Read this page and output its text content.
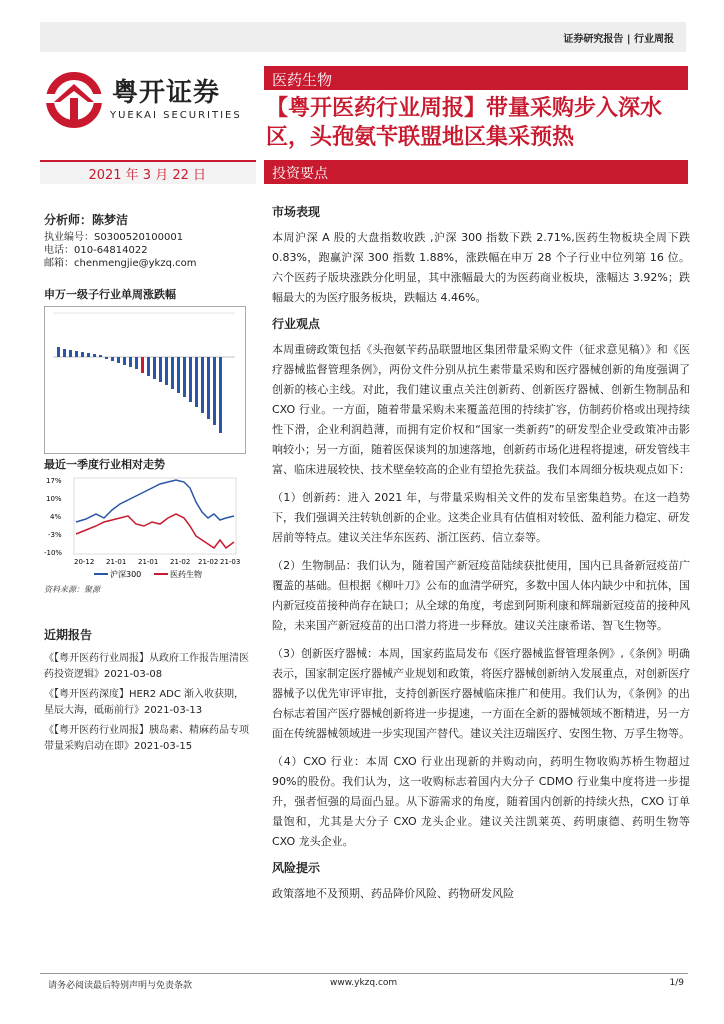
证券研究报告 | 行业周报
粤开证券
YUEKAI SECURITIES
医药生物
【粤开医药行业周报】带量采购步入深水区，头孢氨苄联盟地区集采预热
2021 年 3 月 22 日	投资要点
分析师：陈梦洁
执业编号：S0300520100001
电话：010-64814022
邮箱：chenmengjie@ykzq.com
申万一级子行业单周涨跌幅
最近一季度行业相对走势
17%
10%
4%
-3%
-10%
20-12 21-01 21-01 21-02 21-02 21-03
沪深300	医药生物
资料来源：聚源
近期报告
《【粤开医药行业周报】从政府工作报告厘清医药投资逻辑》2021-03-08
《【粤开医药深度】HER2 ADC 渐入收获期，星辰大海，砥砺前行》2021-03-13
《【粤开医药行业周报】胰岛素、精麻药品专项带量采购启动在即》2021-03-15
市场表现

本周沪深 A 股的大盘指数收跌 ,沪深 300 指数下跌 2.71%,医药生物板块全周下跌 0.83%，跑赢沪深 300 指数 1.88%，涨跌幅在申万 28 个子行业中位列第 16 位。六个医药子版块涨跌分化明显，其中涨幅最大的为医药商业板块，涨幅达 3.92%；跌幅最大的为医疗服务板块，跌幅达 4.46%。

行业观点

本周重磅政策包括《头孢氨苄药品联盟地区集团带量采购文件（征求意见稿）》和《医疗器械监督管理条例》，两份文件分别从抗生素带量采购和医疗器械创新的角度强调了创新的核心主线。对此，我们建议重点关注创新药、创新医疗器械、创新生物制品和 CXO 行业。一方面，随着带量采购未来覆盖范围的持续扩容，仿制药价格或出现持续性下滑，企业利润趋薄，而拥有定价权和“国家一类新药”的研发型企业受政策冲击影响较小；另一方面，随着医保谈判的加速落地，创新药市场化进程将提速，研发管线丰富、临床进展较快、技术壁垒较高的企业有望抢先获益。我们本周细分板块观点如下：

（1）创新药：进入 2021 年，与带量采购相关文件的发布呈密集趋势。在这一趋势下，我们强调关注转轨创新的企业。这类企业具有估值相对较低、盈利能力稳定、研发居前等特点。建议关注华东医药、浙江医药、信立泰等。

（2）生物制品：我们认为，随着国产新冠疫苗陆续获批使用，国内已具备新冠疫苗广覆盖的基础。但根据《柳叶刀》公布的血清学研究，多数中国人体内缺少中和抗体，国内新冠疫苗接种尚存在缺口；从全球的角度，考虑到阿斯利康和辉瑞新冠疫苗的接种风险，未来国产新冠疫苗的出口潜力将进一步释放。建议关注康希诺、智飞生物等。

（3）创新医疗器械：本周，国家药监局发布《医疗器械监督管理条例》,《条例》明确表示，国家制定医疗器械产业规划和政策，将医疗器械创新纳入发展重点，对创新医疗器械予以优先审评审批，支持创新医疗器械临床推广和使用。我们认为，《条例》的出台标志着国产医疗器械创新将进一步提速，一方面在全新的器械领域不断精进，另一方面在传统器械领域进一步实现国产替代。建议关注迈瑞医疗、安图生物、万孚生物等。

（4）CXO 行业：本周 CXO 行业出现新的并购动向，药明生物收购苏桥生物超过 90%的股份。我们认为，这一收购标志着国内大分子 CDMO 行业集中度将进一步提升，强者恒强的局面凸显。从下游需求的角度，随着国内创新的持续火热，CXO 订单量饱和，尤其是大分子 CXO 龙头企业。建议关注凯莱英、药明康德、药明生物等 CXO 龙头企业。

风险提示

政策落地不及预期、药品降价风险、药物研发风险

请务必阅读最后特别声明与免责条款	www.ykzq.com	1/9
